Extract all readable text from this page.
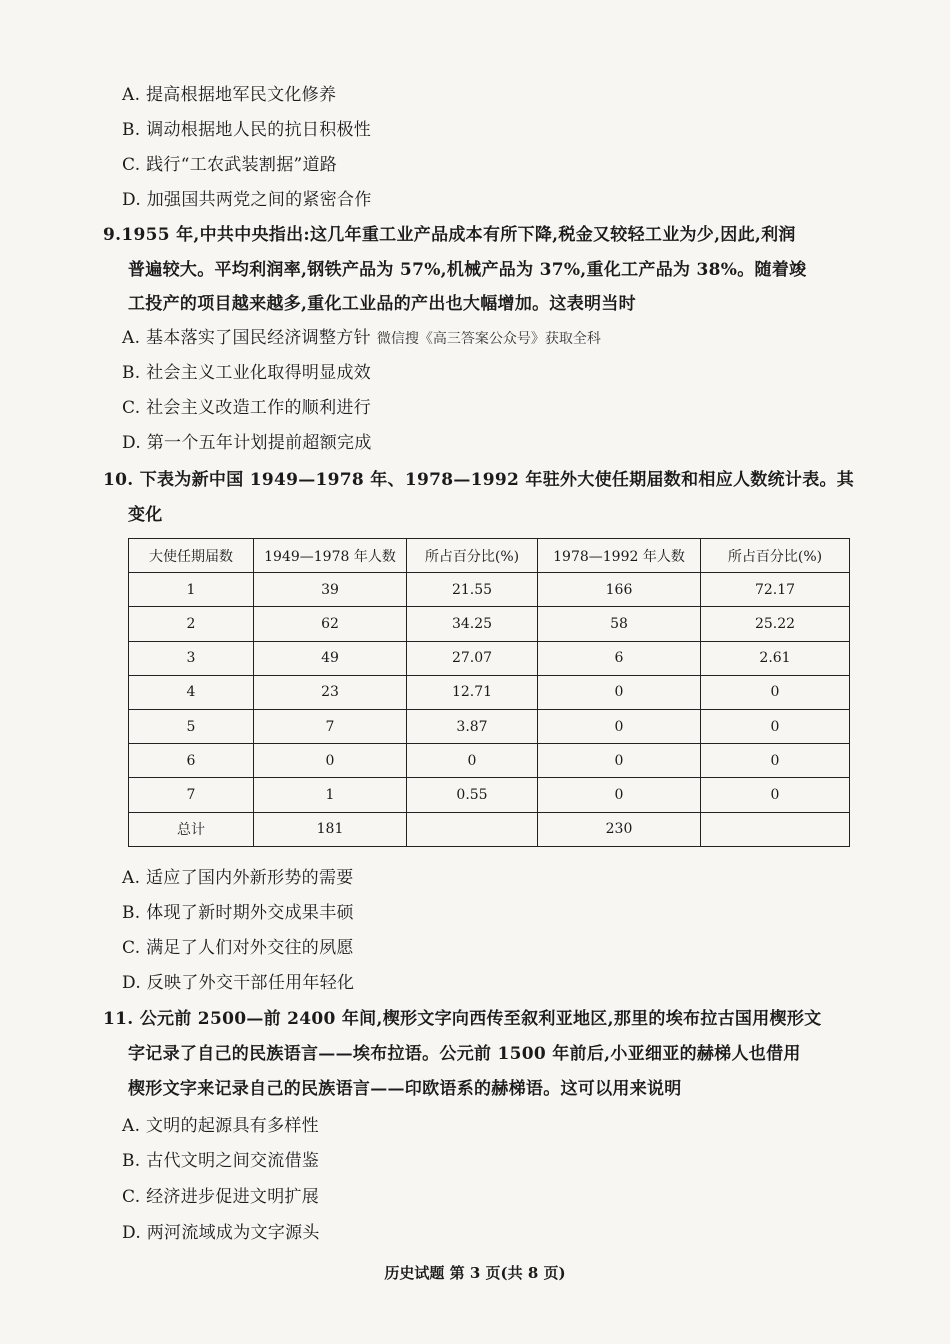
A. 提高根据地军民文化修养
B. 调动根据地人民的抗日积极性
C. 践行“工农武装割据”道路
D. 加强国共两党之间的紧密合作
9.1955 年,中共中央指出:这几年重工业产品成本有所下降,税金又较轻工业为少,因此,利润
普遍较大。平均利润率,钢铁产品为 57%,机械产品为 37%,重化工产品为 38%。随着竣
工投产的项目越来越多,重化工业品的产出也大幅增加。这表明当时
A. 基本落实了国民经济调整方针 微信搜《高三答案公众号》获取全科
B. 社会主义工业化取得明显成效
C. 社会主义改造工作的顺利进行
D. 第一个五年计划提前超额完成
10. 下表为新中国 1949—1978 年、1978—1992 年驻外大使任期届数和相应人数统计表。其
变化
大使任期届数	1949—1978 年人数	所占百分比(%)	1978—1992 年人数	所占百分比(%)
1	39	21.55	166	72.17
2	62	34.25	58	25.22
3	49	27.07	6	2.61
4	23	12.71	0	0
5	7	3.87	0	0
6	0	0	0	0
7	1	0.55	0	0
总计	181		230	
A. 适应了国内外新形势的需要
B. 体现了新时期外交成果丰硕
C. 满足了人们对外交往的夙愿
D. 反映了外交干部任用年轻化
11. 公元前 2500—前 2400 年间,楔形文字向西传至叙利亚地区,那里的埃布拉古国用楔形文
字记录了自己的民族语言——埃布拉语。公元前 1500 年前后,小亚细亚的赫梯人也借用
楔形文字来记录自己的民族语言——印欧语系的赫梯语。这可以用来说明
A. 文明的起源具有多样性
B. 古代文明之间交流借鉴
C. 经济进步促进文明扩展
D. 两河流域成为文字源头
历史试题 第 3 页(共 8 页)
